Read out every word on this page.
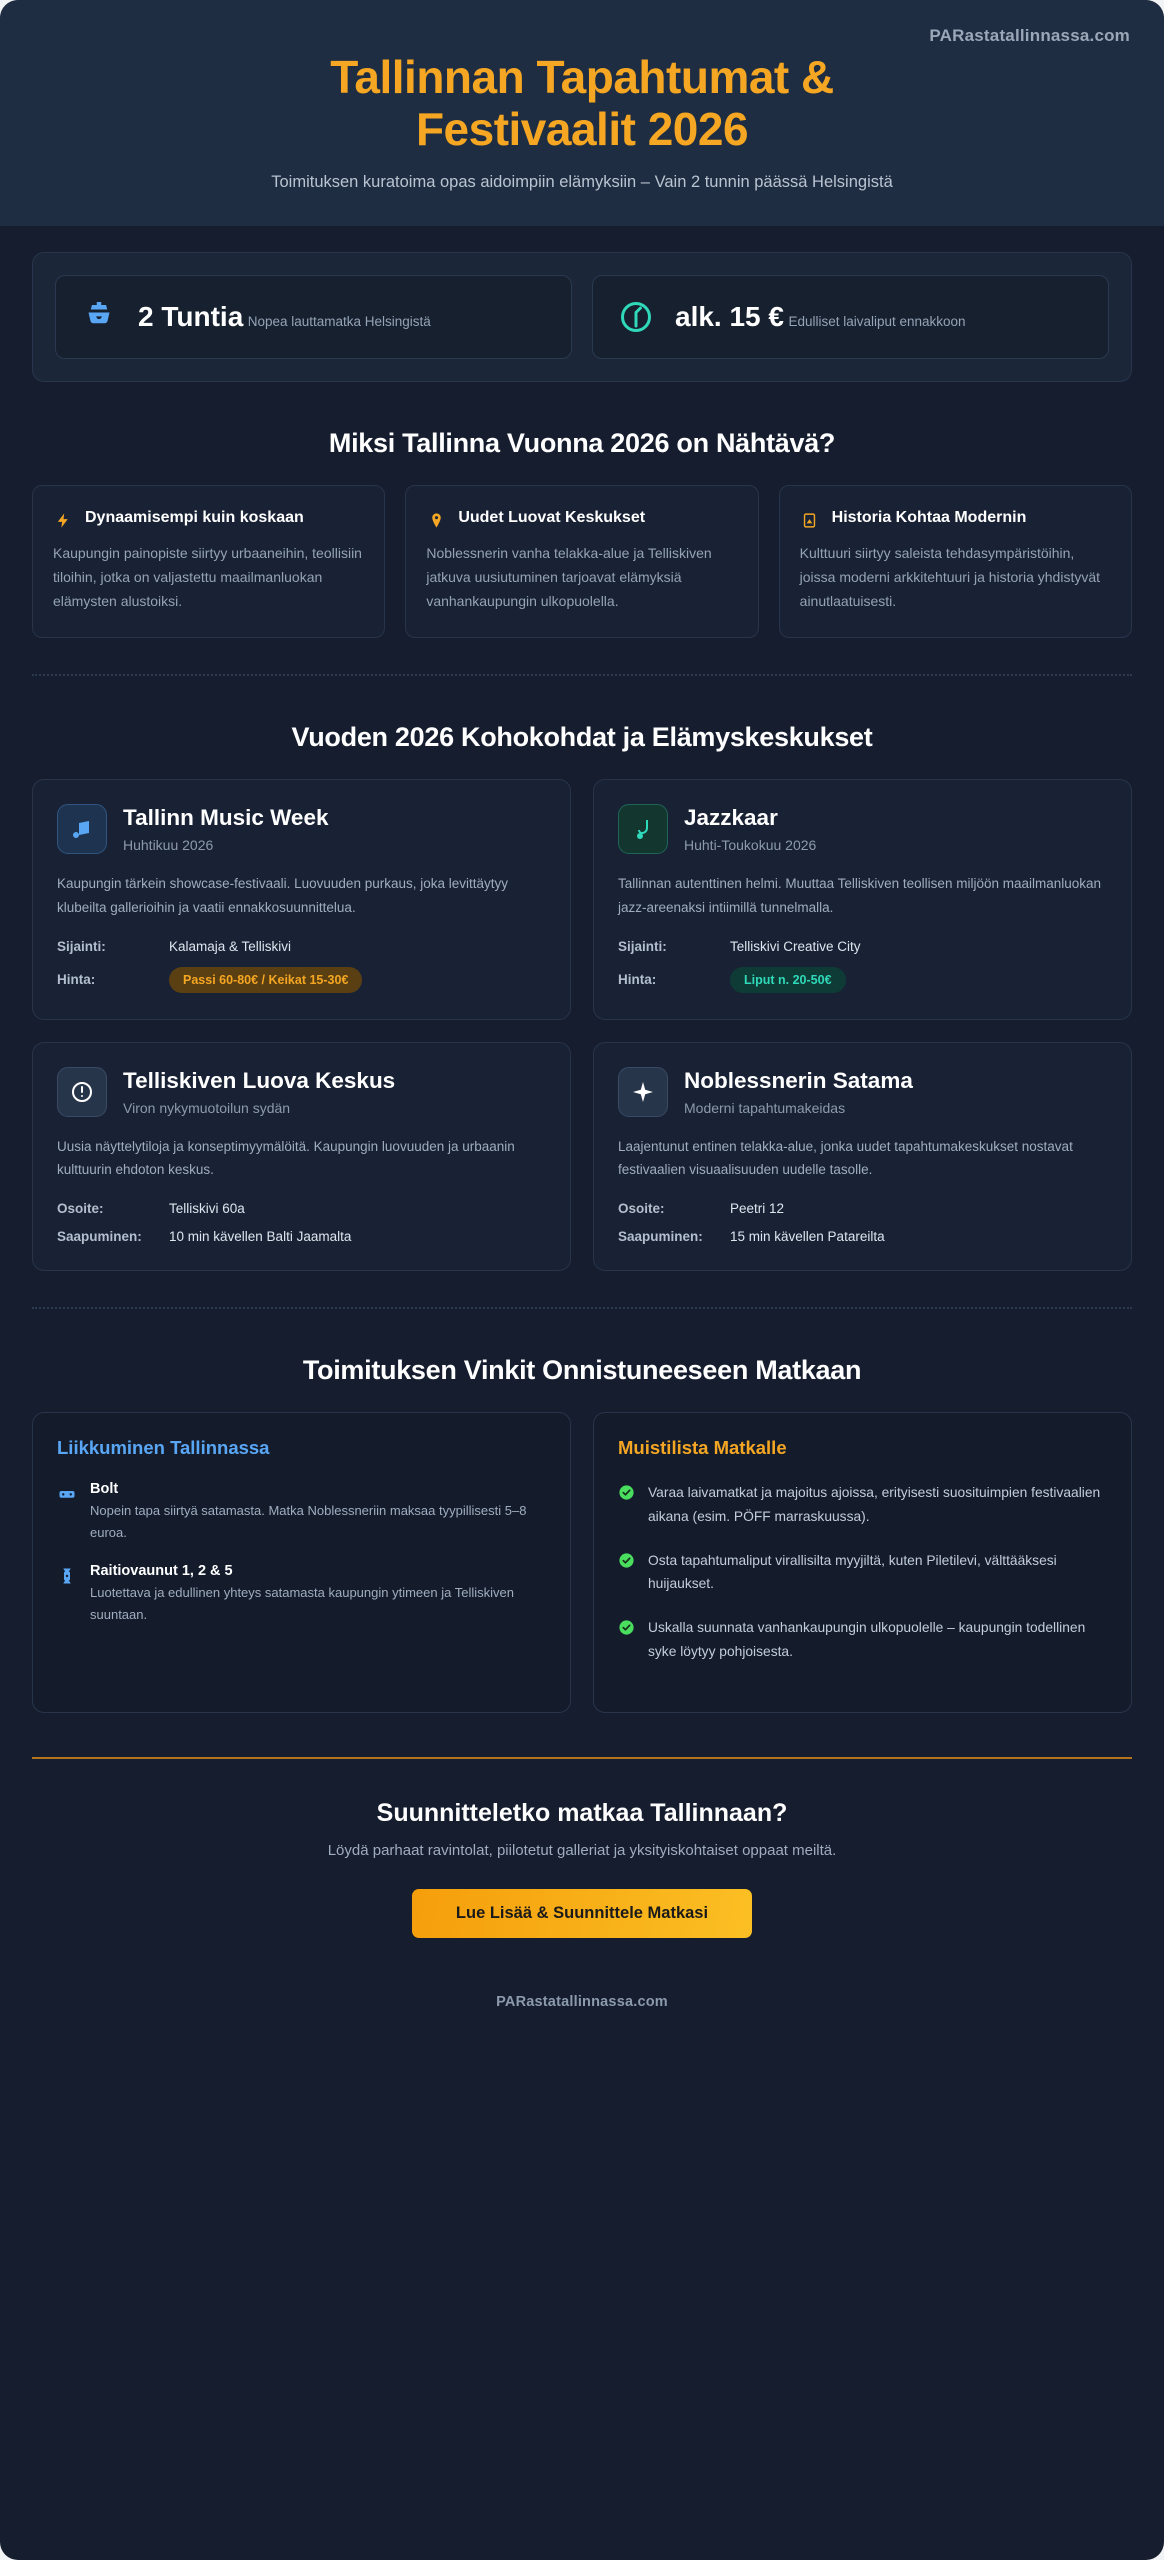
PARastatallinnassa.com
Tallinnan Tapahtumat &
Festivaalit 2026
Toimituksen kuratoima opas aidoimpiin elämyksiin – Vain 2 tunnin päässä Helsingistä
2 Tuntia Nopea lauttamatka Helsingistä	alk. 15 € Edulliset laivaliput ennakkoon
Miksi Tallinna Vuonna 2026 on Nähtävä?
Dynaamisempi kuin koskaan
Kaupungin painopiste siirtyy urbaaneihin, teollisiin tiloihin, jotka on valjastettu maailmanluokan elämysten alustoiksi.
Uudet Luovat Keskukset
Noblessnerin vanha telakka-alue ja Telliskiven jatkuva uusiutuminen tarjoavat elämyksiä vanhankaupungin ulkopuolella.
Historia Kohtaa Modernin
Kulttuuri siirtyy saleista tehdasympäristöihin, joissa moderni arkkitehtuuri ja historia yhdistyvät ainutlaatuisesti.
Vuoden 2026 Kohokohdat ja Elämyskeskukset
Tallinn Music Week
Huhtikuu 2026
Kaupungin tärkein showcase-festivaali. Luovuuden purkaus, joka levittäytyy klubeilta gallerioihin ja vaatii ennakkosuunnittelua.
Sijainti:	Kalamaja & Telliskivi
Hinta:	Passi 60-80€ / Keikat 15-30€
Jazzkaar
Huhti-Toukokuu 2026
Tallinnan autenttinen helmi. Muuttaa Telliskiven teollisen miljöön maailmanluokan jazz-areenaksi intiimillä tunnelmalla.
Sijainti:	Telliskivi Creative City
Hinta:	Liput n. 20-50€
Telliskiven Luova Keskus
Viron nykymuotoilun sydän
Uusia näyttelytiloja ja konseptimyymälöitä. Kaupungin luovuuden ja urbaanin kulttuurin ehdoton keskus.
Osoite:	Telliskivi 60a
Saapuminen:	10 min kävellen Balti Jaamalta
Noblessnerin Satama
Moderni tapahtumakeidas
Laajentunut entinen telakka-alue, jonka uudet tapahtumakeskukset nostavat festivaalien visuaalisuuden uudelle tasolle.
Osoite:	Peetri 12
Saapuminen:	15 min kävellen Patareilta
Toimituksen Vinkit Onnistuneeseen Matkaan
Liikkuminen Tallinnassa
Bolt
Nopein tapa siirtyä satamasta. Matka Noblessneriin maksaa tyypillisesti 5–8 euroa.
Raitiovaunut 1, 2 & 5
Luotettava ja edullinen yhteys satamasta kaupungin ytimeen ja Telliskiven suuntaan.
Muistilista Matkalle
Varaa laivamatkat ja majoitus ajoissa, erityisesti suosituimpien festivaalien aikana (esim. PÖFF marraskuussa).
Osta tapahtumaliput virallisilta myyjiltä, kuten Piletilevi, välttääksesi huijaukset.
Uskalla suunnata vanhankaupungin ulkopuolelle – kaupungin todellinen syke löytyy pohjoisesta.
Suunnitteletko matkaa Tallinnaan?
Löydä parhaat ravintolat, piilotetut galleriat ja yksityiskohtaiset oppaat meiltä.
Lue Lisää & Suunnittele Matkasi
PARastatallinnassa.com
